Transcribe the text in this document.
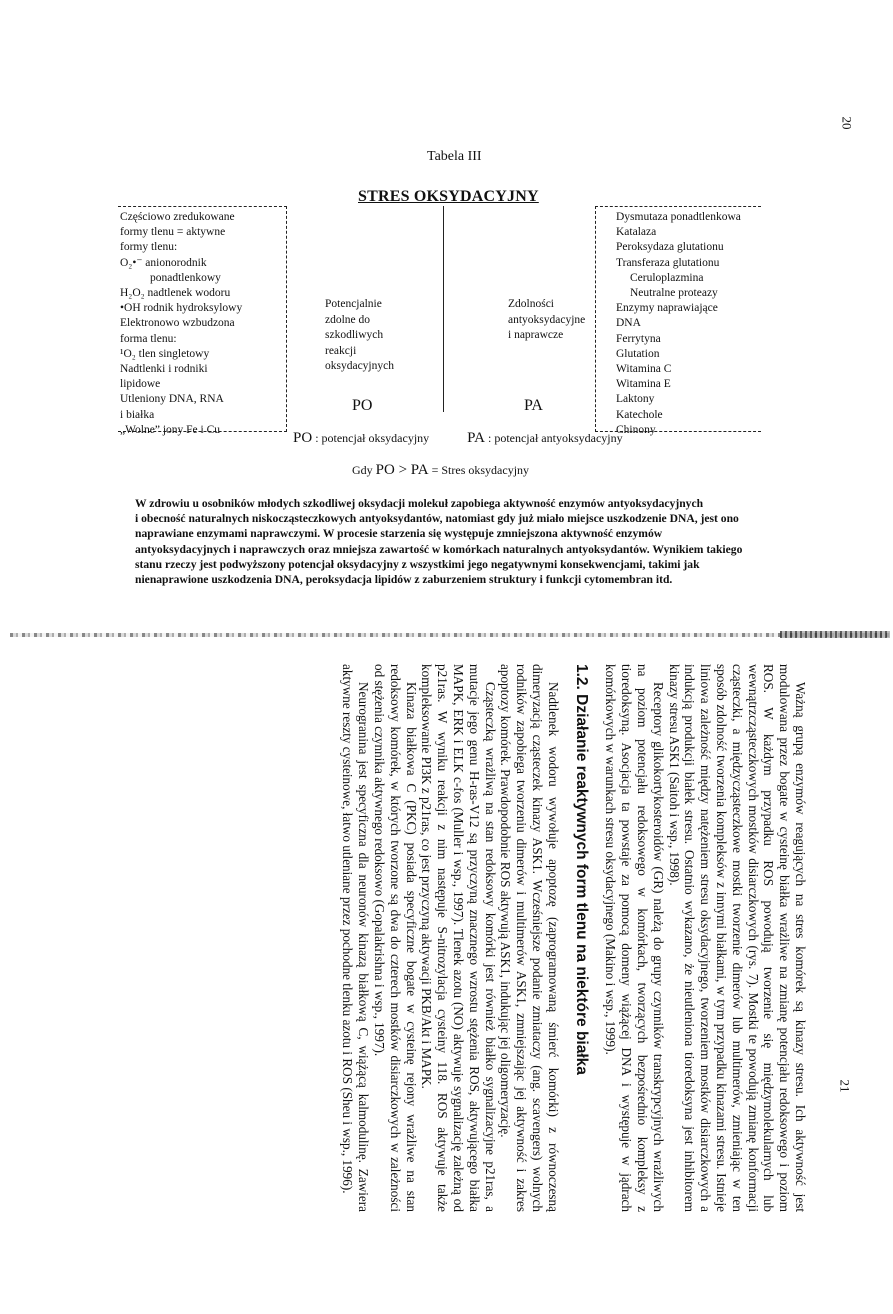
20
21
Tabela III
STRES OKSYDACYJNY
Częściowo zredukowane
formy tlenu = aktywne
formy tlenu:
O₂•⁻ anionorodnik
ponadtlenkowy
H₂O₂ nadtlenek wodoru
•OH rodnik hydroksylowy
Elektronowo wzbudzona
forma tlenu:
¹O₂ tlen singletowy
Nadtlenki i rodniki
lipidowe
Utleniony DNA, RNA
i białka
„Wolne” jony Fe i Cu
Potencjalnie
zdolne do
szkodliwych
reakcji
oksydacyjnych
Zdolności
antyoksydacyjne
i naprawcze
PO	PA
Dysmutaza ponadtlenkowa
Katalaza
Peroksydaza glutationu
Transferaza glutationu
Ceruloplazmina
Neutralne proteazy
Enzymy naprawiające
DNA
Ferrytyna
Glutation
Witamina C
Witamina E
Laktony
Katechole
Chinony
PO : potencjał oksydacyjny	PA : potencjał antyoksydacyjny
Gdy PO > PA = Stres oksydacyjny
W zdrowiu u osobników młodych szkodliwej oksydacji molekuł zapobiega aktywność enzymów antyoksydacyjnych
i obecność naturalnych niskocząsteczkowych antyoksydantów, natomiast gdy już miało miejsce uszkodzenie DNA, jest ono
naprawiane enzymami naprawczymi. W procesie starzenia się występuje zmniejszona aktywność enzymów
antyoksydacyjnych i naprawczych oraz mniejsza zawartość w komórkach naturalnych antyoksydantów. Wynikiem takiego
stanu rzeczy jest podwyższony potencjał oksydacyjny z wszystkimi jego negatywnymi konsekwencjami, takimi jak
nienaprawione uszkodzenia DNA, peroksydacja lipidów z zaburzeniem struktury i funkcji cytomembran itd.

Ważną grupą enzymów reagujących na stres komórek są kinazy stresu. Ich aktywność jest modulowana przez bogate w cysteinę białka wrażliwe na zmianę potencjału redoksowego i poziom ROS. W każdym przypadku ROS powodują tworzenie się międzymolekularnych lub wewnątrzcząsteczkowych mostków disiarczkowych (rys. 7). Mostki te powodują zmianę konformacji cząsteczki, a międzycząsteczkowe mostki tworzenie dimerów lub multimerów, zmieniając w ten sposób zdolność tworzenia kompleksów z innymi białkami, w tym przypadku kinazami stresu. Istnieje liniowa zależność między natężeniem stresu oksydacyjnego, tworzeniem mostków disiarczkowych a indukcją produkcji białek stresu. Ostatnio wykazano, że nieutleniona tioredoksyna jest inhibitorem kinazy stresu ASK1 (Saitoh i wsp., 1998).

Receptory glikokortykosteroidów (GR) należą do grupy czynników transkrypcyjnych wrażliwych na poziom potencjału redoksowego w komórkach, tworzących bezpośrednio kompleksy z tioredoksyną. Asocjacja ta powstaje za pomocą domeny wiążącej DNA i występuje w jądrach komórkowych w warunkach stresu oksydacyjnego (Makino i wsp., 1999).

1.2. Działanie reaktywnych form tlenu na niektóre białka

Nadtlenek wodoru wywołuje apoptozę (zaprogramowaną śmierć komórki) z równoczesną dimeryzacją cząsteczek kinazy ASK1. Wcześniejsze podanie zmiataczy (ang. scavengers) wolnych rodników zapobiega tworzeniu dimerów i multimerów ASK1, zmniejszając jej aktywność i zakres apoptozy komórek. Prawdopodobnie ROS aktywują ASK1, indukując jej oligomeryzację.

Cząsteczką wrażliwą na stan redoksowy komórki jest również białko sygnalizacyjne p21ras, a mutacje jego genu H-ras-V12 są przyczyną znacznego wzrostu stężenia ROS, aktywującego białka MAPK, ERK i ELK c-fos (Muller i wsp., 1997). Tlenek azotu (NO) aktywuje sygnalizację zależną od p21ras. W wyniku reakcji z nim następuje S-nitrozylacja cysteiny 118. ROS aktywuje także kompleksowanie PI3K z p21ras, co jest przyczyną aktywacji PKB/Akt i MAPK.

Kinaza białkowa C (PKC) posiada specyficzne bogate w cysteinę rejony wrażliwe na stan redoksowy komórek, w których tworzone są dwa do czterech mostków disiarczkowych w zależności od stężenia czynnika aktywnego redoksowo (Gopalakrishna i wsp., 1997).

Neurogranina jest specyficzna dla neuronów kinazą białkową C, wiążącą kalmodulinę. Zawiera aktywne reszty cysteinowe, łatwo utleniane przez pochodne tlenku azotu i ROS (Sheu i wsp., 1996).
